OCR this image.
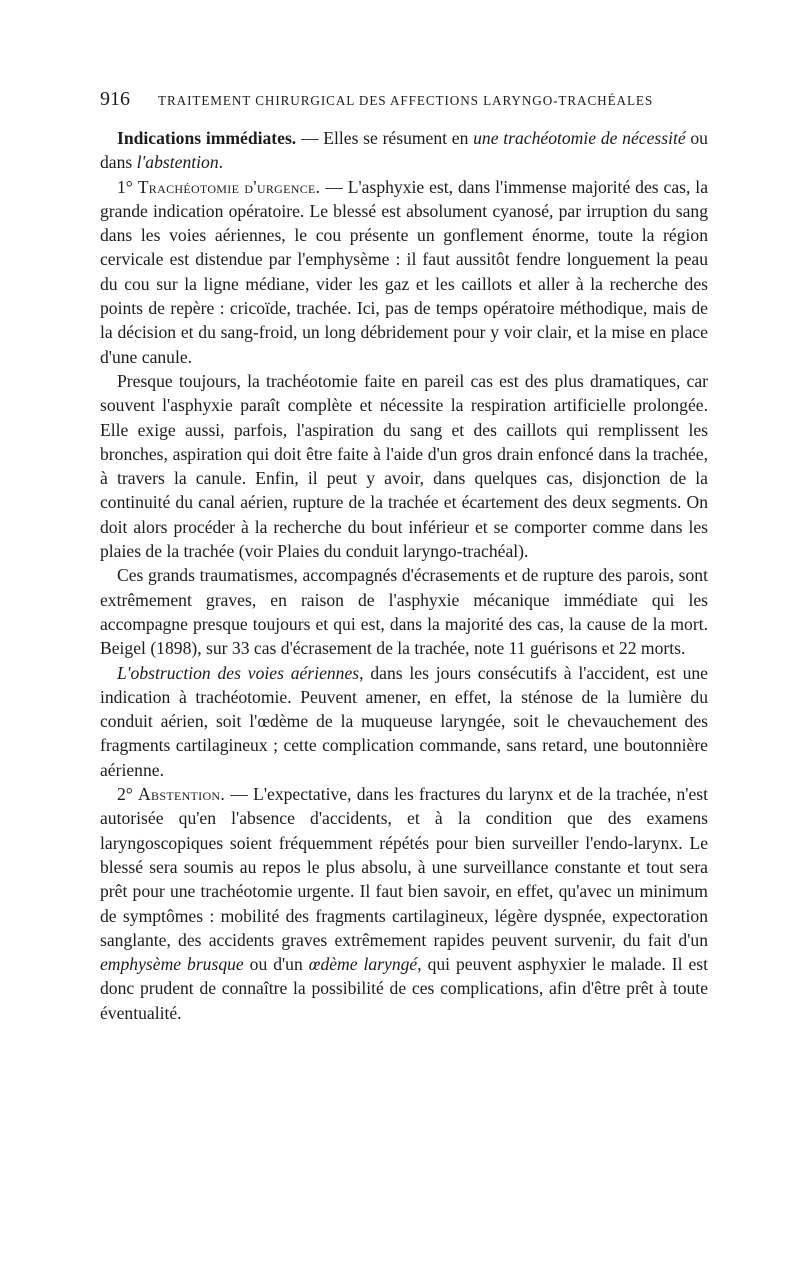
916	TRAITEMENT CHIRURGICAL DES AFFECTIONS LARYNGO-TRACHÉALES

Indications immédiates. — Elles se résument en une trachéotomie de nécessité ou dans l'abstention.

1° Trachéotomie d'urgence. — L'asphyxie est, dans l'immense majorité des cas, la grande indication opératoire. Le blessé est absolument cyanosé, par irruption du sang dans les voies aériennes, le cou présente un gonflement énorme, toute la région cervicale est distendue par l'emphysème : il faut aussitôt fendre longuement la peau du cou sur la ligne médiane, vider les gaz et les caillots et aller à la recherche des points de repère : cricoïde, trachée. Ici, pas de temps opératoire méthodique, mais de la décision et du sang-froid, un long débridement pour y voir clair, et la mise en place d'une canule.

Presque toujours, la trachéotomie faite en pareil cas est des plus dramatiques, car souvent l'asphyxie paraît complète et nécessite la respiration artificielle prolongée. Elle exige aussi, parfois, l'aspiration du sang et des caillots qui remplissent les bronches, aspiration qui doit être faite à l'aide d'un gros drain enfoncé dans la trachée, à travers la canule. Enfin, il peut y avoir, dans quelques cas, disjonction de la continuité du canal aérien, rupture de la trachée et écartement des deux segments. On doit alors procéder à la recherche du bout inférieur et se comporter comme dans les plaies de la trachée (voir Plaies du conduit laryngo-trachéal).

Ces grands traumatismes, accompagnés d'écrasements et de rupture des parois, sont extrêmement graves, en raison de l'asphyxie mécanique immédiate qui les accompagne presque toujours et qui est, dans la majorité des cas, la cause de la mort. Beigel (1898), sur 33 cas d'écrasement de la trachée, note 11 guérisons et 22 morts.

L'obstruction des voies aériennes, dans les jours consécutifs à l'accident, est une indication à trachéotomie. Peuvent amener, en effet, la sténose de la lumière du conduit aérien, soit l'œdème de la muqueuse laryngée, soit le chevauchement des fragments cartilagineux ; cette complication commande, sans retard, une boutonnière aérienne.

2° Abstention. — L'expectative, dans les fractures du larynx et de la trachée, n'est autorisée qu'en l'absence d'accidents, et à la condition que des examens laryngoscopiques soient fréquemment répétés pour bien surveiller l'endo-larynx. Le blessé sera soumis au repos le plus absolu, à une surveillance constante et tout sera prêt pour une trachéotomie urgente. Il faut bien savoir, en effet, qu'avec un minimum de symptômes : mobilité des fragments cartilagineux, légère dyspnée, expectoration sanglante, des accidents graves extrêmement rapides peuvent survenir, du fait d'un emphysème brusque ou d'un œdème laryngé, qui peuvent asphyxier le malade. Il est donc prudent de connaître la possibilité de ces complications, afin d'être prêt à toute éventualité.
